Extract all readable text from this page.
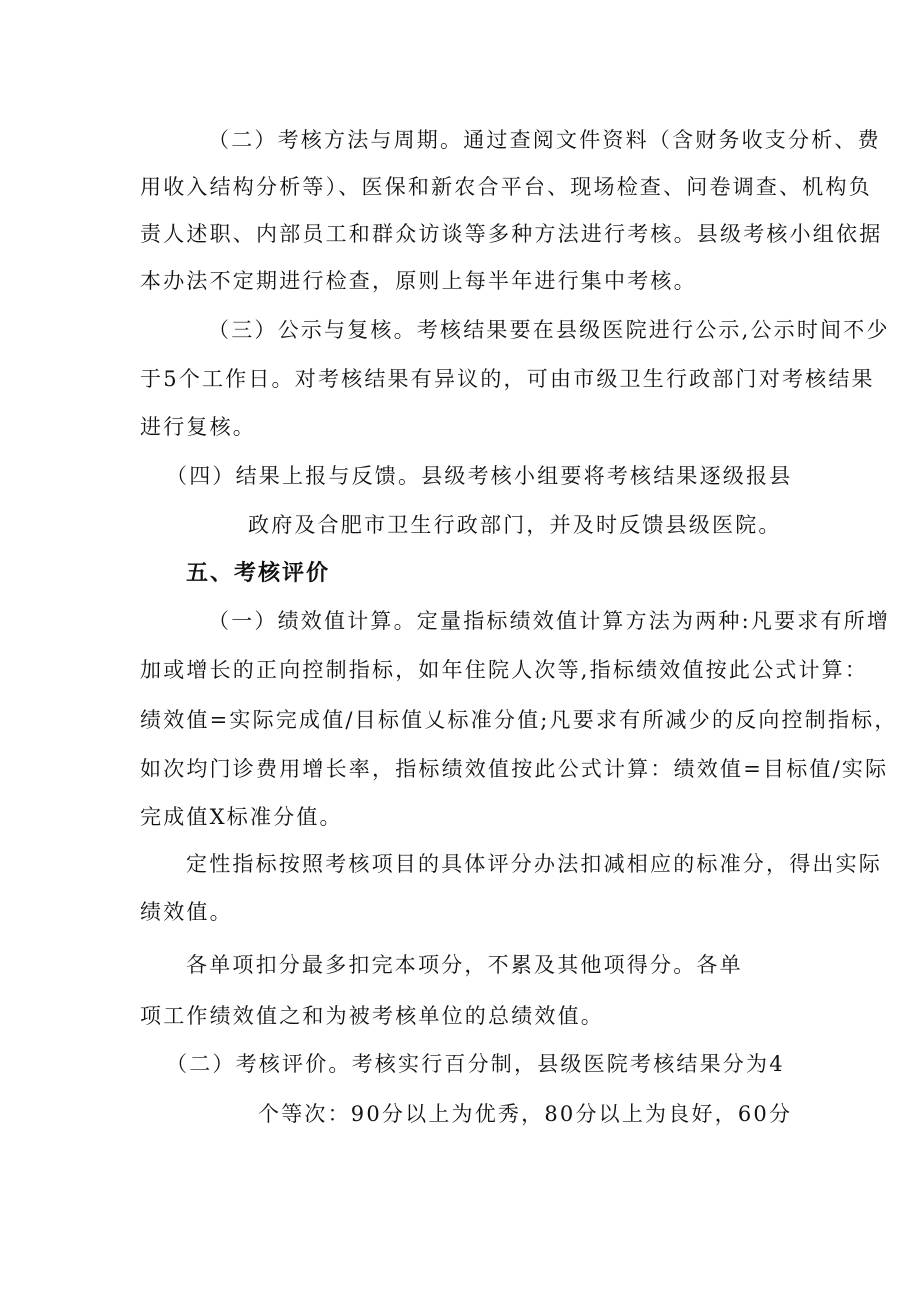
（二）考核方法与周期。通过查阅文件资料（含财务收支分析、费
用收入结构分析等）、医保和新农合平台、现场检查、问卷调查、机构负
责人述职、内部员工和群众访谈等多种方法进行考核。县级考核小组依据
本办法不定期进行检查，原则上每半年进行集中考核。
（三）公示与复核。考核结果要在县级医院进行公示,公示时间不少
于5个工作日。对考核结果有异议的，可由市级卫生行政部门对考核结果
进行复核。
（四）结果上报与反馈。县级考核小组要将考核结果逐级报县
政府及合肥市卫生行政部门，并及时反馈县级医院。
五、考核评价
（一）绩效值计算。定量指标绩效值计算方法为两种:凡要求有所增
加或增长的正向控制指标，如年住院人次等,指标绩效值按此公式计算：
绩效值=实际完成值/目标值乂标准分值;凡要求有所减少的反向控制指标，
如次均门诊费用增长率，指标绩效值按此公式计算：绩效值=目标值/实际
完成值X标准分值。
定性指标按照考核项目的具体评分办法扣减相应的标准分，得出实际
绩效值。
各单项扣分最多扣完本项分，不累及其他项得分。各单
项工作绩效值之和为被考核单位的总绩效值。
（二）考核评价。考核实行百分制，县级医院考核结果分为4
个等次：90分以上为优秀，80分以上为良好，60分
